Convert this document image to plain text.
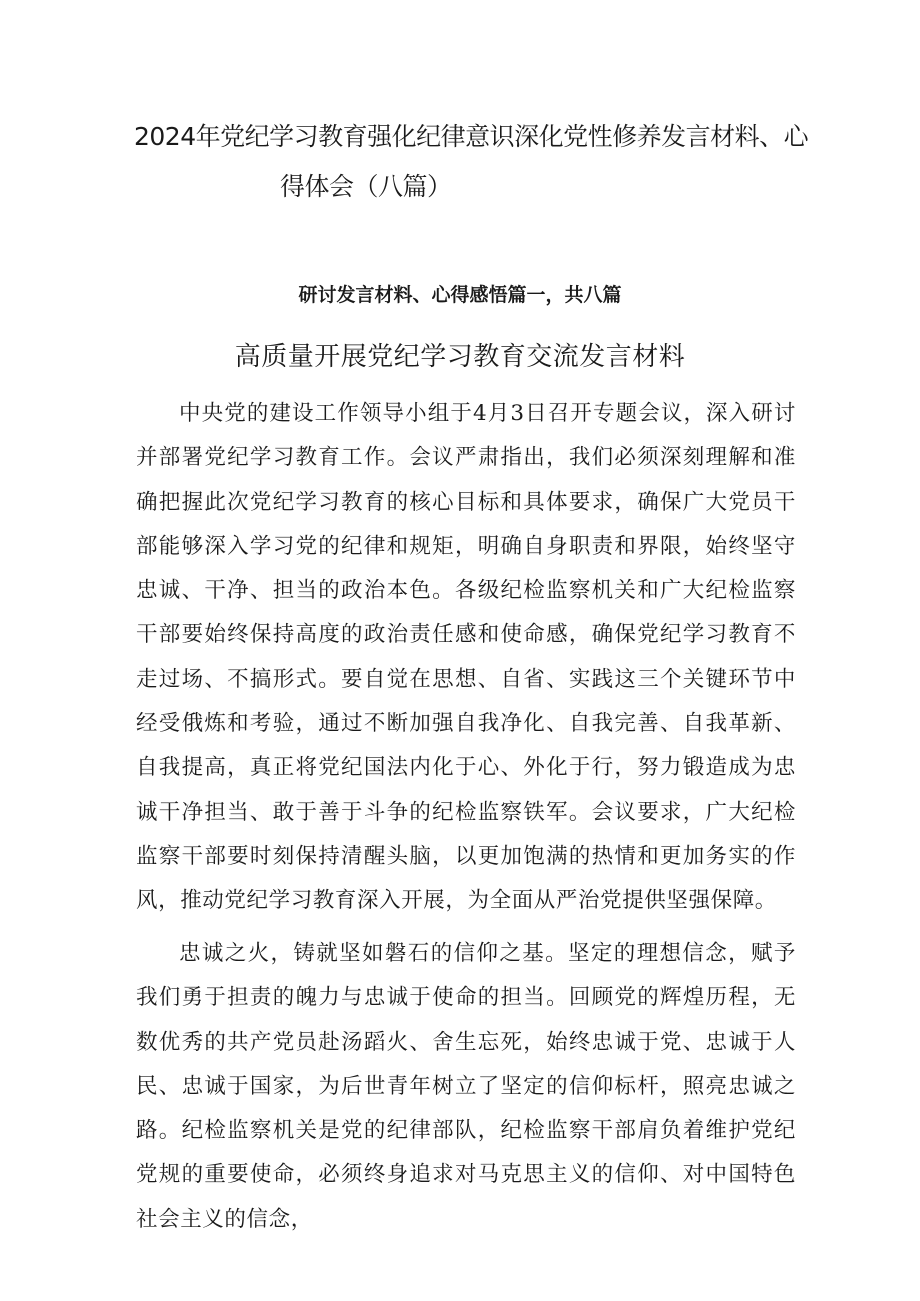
2024年党纪学习教育强化纪律意识深化党性修养发言材料、心
得体会（八篇）
研讨发言材料、心得感悟篇一，共八篇
高质量开展党纪学习教育交流发言材料

中央党的建设工作领导小组于4月3日召开专题会议，深入研讨并部署党纪学习教育工作。会议严肃指出，我们必须深刻理解和准确把握此次党纪学习教育的核心目标和具体要求，确保广大党员干部能够深入学习党的纪律和规矩，明确自身职责和界限，始终坚守忠诚、干净、担当的政治本色。各级纪检监察机关和广大纪检监察干部要始终保持高度的政治责任感和使命感，确保党纪学习教育不走过场、不搞形式。要自觉在思想、自省、实践这三个关键环节中经受俄炼和考验，通过不断加强自我净化、自我完善、自我革新、自我提高，真正将党纪国法内化于心、外化于行，努力锻造成为忠诚干净担当、敢于善于斗争的纪检监察铁军。会议要求，广大纪检监察干部要时刻保持清醒头脑，以更加饱满的热情和更加务实的作风，推动党纪学习教育深入开展，为全面从严治党提供坚强保障。

忠诚之火，铸就坚如磐石的信仰之基。坚定的理想信念，赋予我们勇于担责的魄力与忠诚于使命的担当。回顾党的辉煌历程，无数优秀的共产党员赴汤蹈火、舍生忘死，始终忠诚于党、忠诚于人民、忠诚于国家，为后世青年树立了坚定的信仰标杆，照亮忠诚之路。纪检监察机关是党的纪律部队，纪检监察干部肩负着维护党纪党规的重要使命，必须终身追求对马克思主义的信仰、对中国特色社会主义的信念，
